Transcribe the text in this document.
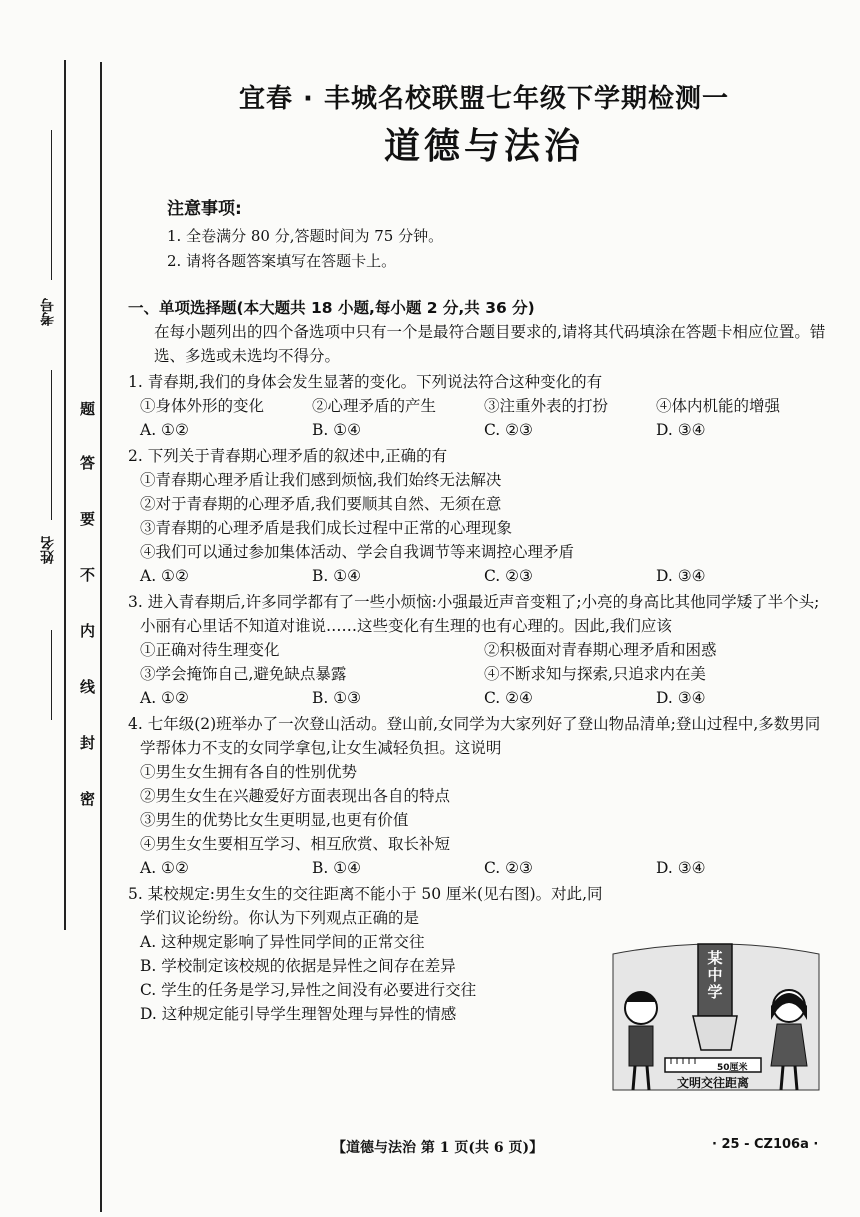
考号
姓名
题
答
要
不
内
线
封
密
宜春 · 丰城名校联盟七年级下学期检测一
道德与法治
注意事项:
1. 全卷满分 80 分,答题时间为 75 分钟。
2. 请将各题答案填写在答题卡上。
一、单项选择题(本大题共 18 小题,每小题 2 分,共 36 分)
在每小题列出的四个备选项中只有一个是最符合题目要求的,请将其代码填涂在答题卡相应位置。错选、多选或未选均不得分。
1. 青春期,我们的身体会发生显著的变化。下列说法符合这种变化的有
①身体外形的变化	②心理矛盾的产生	③注重外表的打扮	④体内机能的增强
A. ①②	B. ①④	C. ②③	D. ③④
2. 下列关于青春期心理矛盾的叙述中,正确的有
①青春期心理矛盾让我们感到烦恼,我们始终无法解决
②对于青春期的心理矛盾,我们要顺其自然、无须在意
③青春期的心理矛盾是我们成长过程中正常的心理现象
④我们可以通过参加集体活动、学会自我调节等来调控心理矛盾
A. ①②	B. ①④	C. ②③	D. ③④
3. 进入青春期后,许多同学都有了一些小烦恼:小强最近声音变粗了;小亮的身高比其他同学矮了半个头;小丽有心里话不知道对谁说……这些变化有生理的也有心理的。因此,我们应该
①正确对待生理变化	②积极面对青春期心理矛盾和困惑
③学会掩饰自己,避免缺点暴露	④不断求知与探索,只追求内在美
A. ①②	B. ①③	C. ②④	D. ③④
4. 七年级(2)班举办了一次登山活动。登山前,女同学为大家列好了登山物品清单;登山过程中,多数男同学帮体力不支的女同学拿包,让女生减轻负担。这说明
①男生女生拥有各自的性别优势
②男生女生在兴趣爱好方面表现出各自的特点
③男生的优势比女生更明显,也更有价值
④男生女生要相互学习、相互欣赏、取长补短
A. ①②	B. ①④	C. ②③	D. ③④
5. 某校规定:男生女生的交往距离不能小于 50 厘米(见右图)。对此,同学们议论纷纷。你认为下列观点正确的是
A. 这种规定影响了异性同学间的正常交往
B. 学校制定该校规的依据是异性之间存在差异
C. 学生的任务是学习,异性之间没有必要进行交往
D. 这种规定能引导学生理智处理与异性的情感
某中学
50厘米
文明交往距离
【道德与法治 第 1 页(共 6 页)】	· 25 - CZ106a ·
